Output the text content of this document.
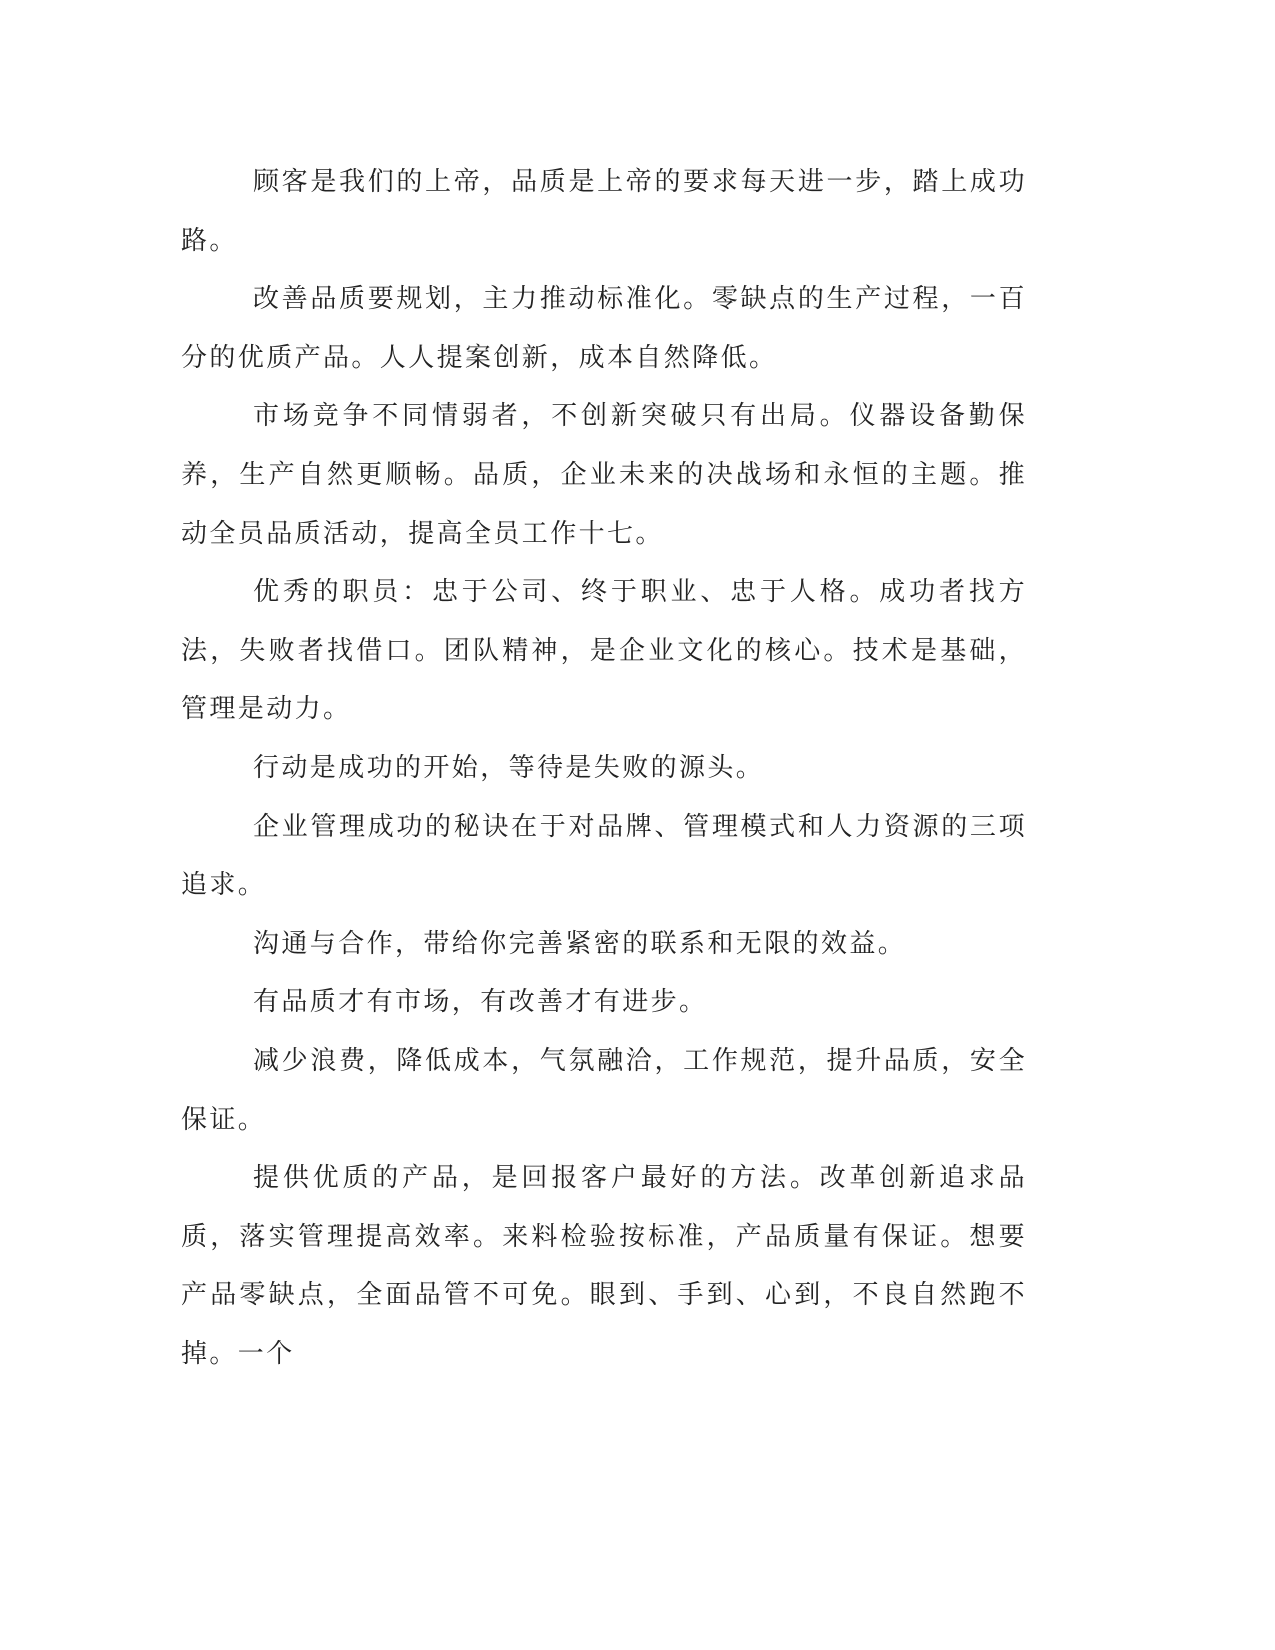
顾客是我们的上帝，品质是上帝的要求每天进一步，踏上成功路。

改善品质要规划，主力推动标准化。零缺点的生产过程，一百分的优质产品。人人提案创新，成本自然降低。

市场竞争不同情弱者，不创新突破只有出局。仪器设备勤保养，生产自然更顺畅。品质，企业未来的决战场和永恒的主题。推动全员品质活动，提高全员工作十七。

优秀的职员：忠于公司、终于职业、忠于人格。成功者找方法，失败者找借口。团队精神，是企业文化的核心。技术是基础，管理是动力。

行动是成功的开始，等待是失败的源头。

企业管理成功的秘诀在于对品牌、管理模式和人力资源的三项追求。

沟通与合作，带给你完善紧密的联系和无限的效益。

有品质才有市场，有改善才有进步。

减少浪费，降低成本，气氛融洽，工作规范，提升品质，安全保证。

提供优质的产品，是回报客户最好的方法。改革创新追求品质，落实管理提高效率。来料检验按标准，产品质量有保证。想要产品零缺点，全面品管不可免。眼到、手到、心到，不良自然跑不掉。一个
